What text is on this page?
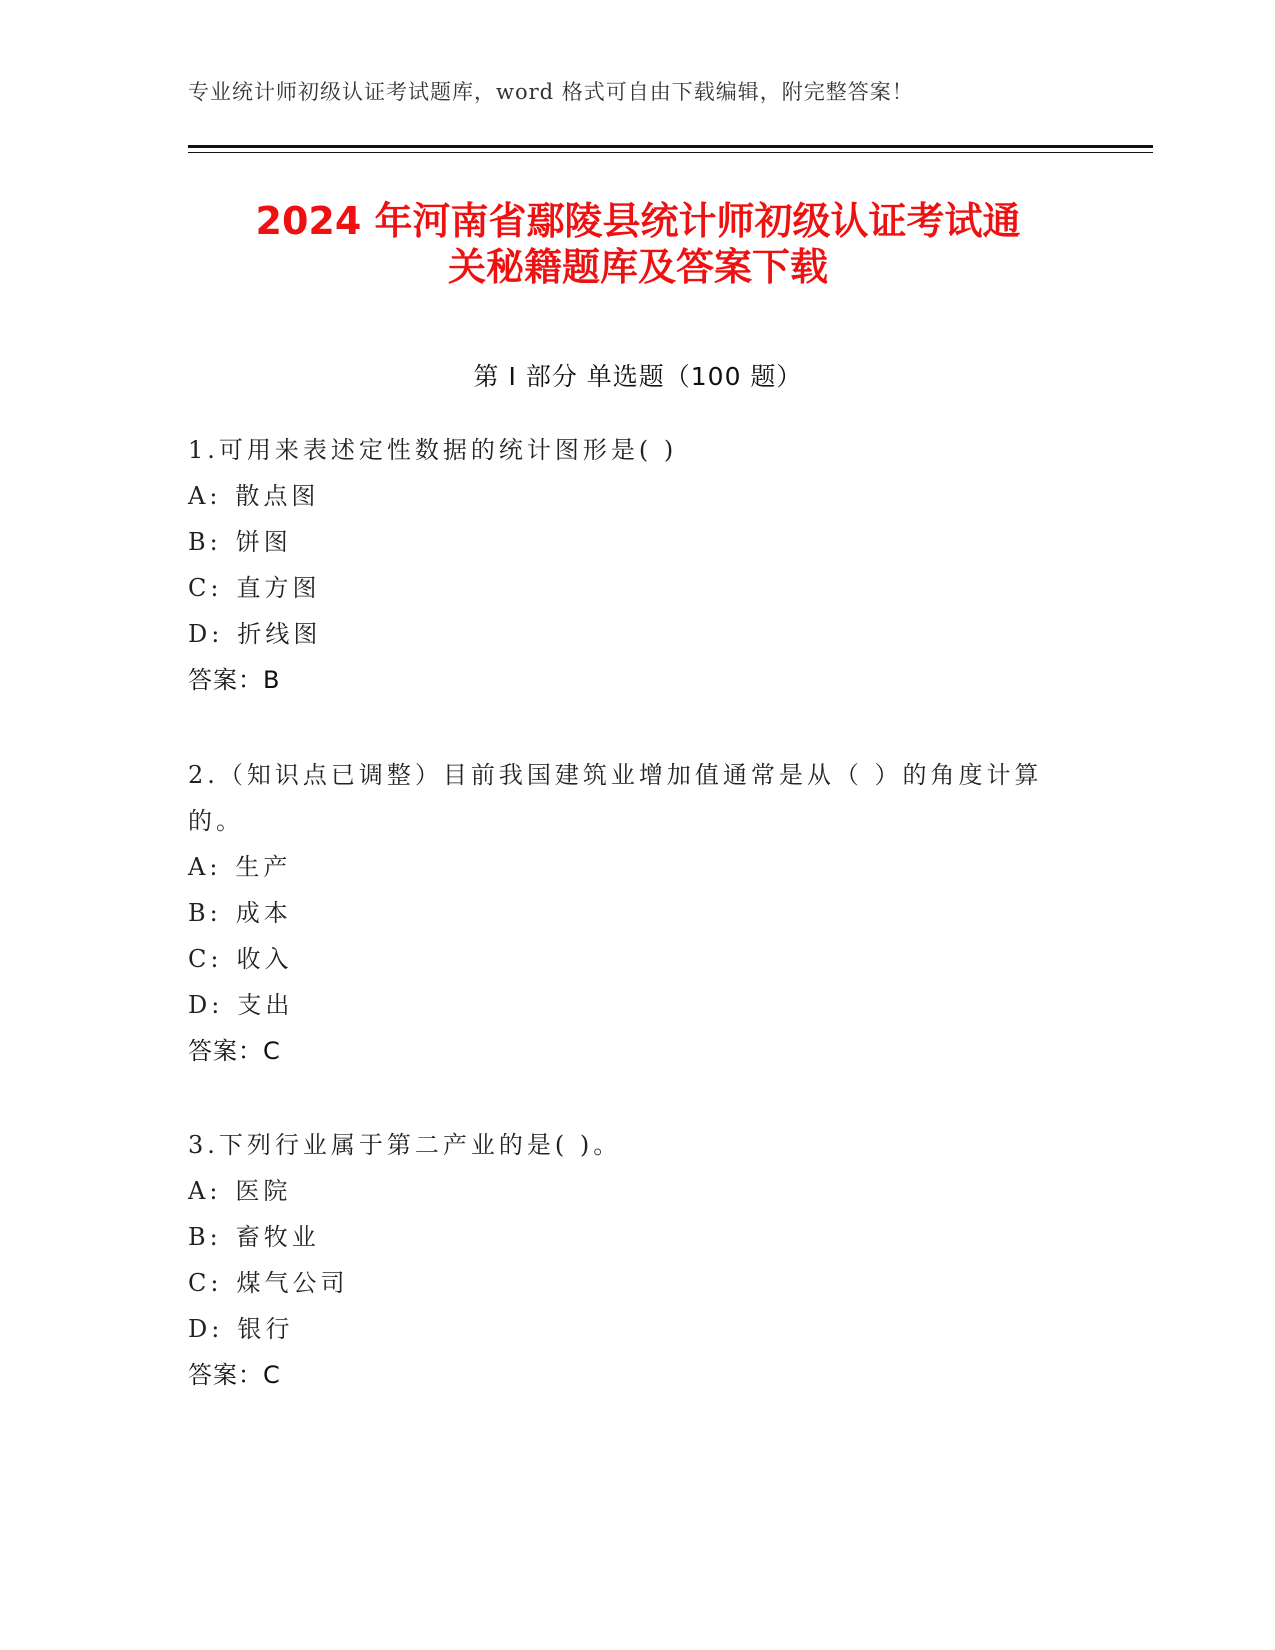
专业统计师初级认证考试题库，word 格式可自由下载编辑，附完整答案！
2024 年河南省鄢陵县统计师初级认证考试通
关秘籍题库及答案下载
第 I 部分 单选题（100 题）
1.可用来表述定性数据的统计图形是( )
A: 散点图
B: 饼图
C: 直方图
D: 折线图
答案：B
2.（知识点已调整）目前我国建筑业增加值通常是从（ ）的角度计算的。
A: 生产
B: 成本
C: 收入
D: 支出
答案：C
3.下列行业属于第二产业的是( )。
A: 医院
B: 畜牧业
C: 煤气公司
D: 银行
答案：C
